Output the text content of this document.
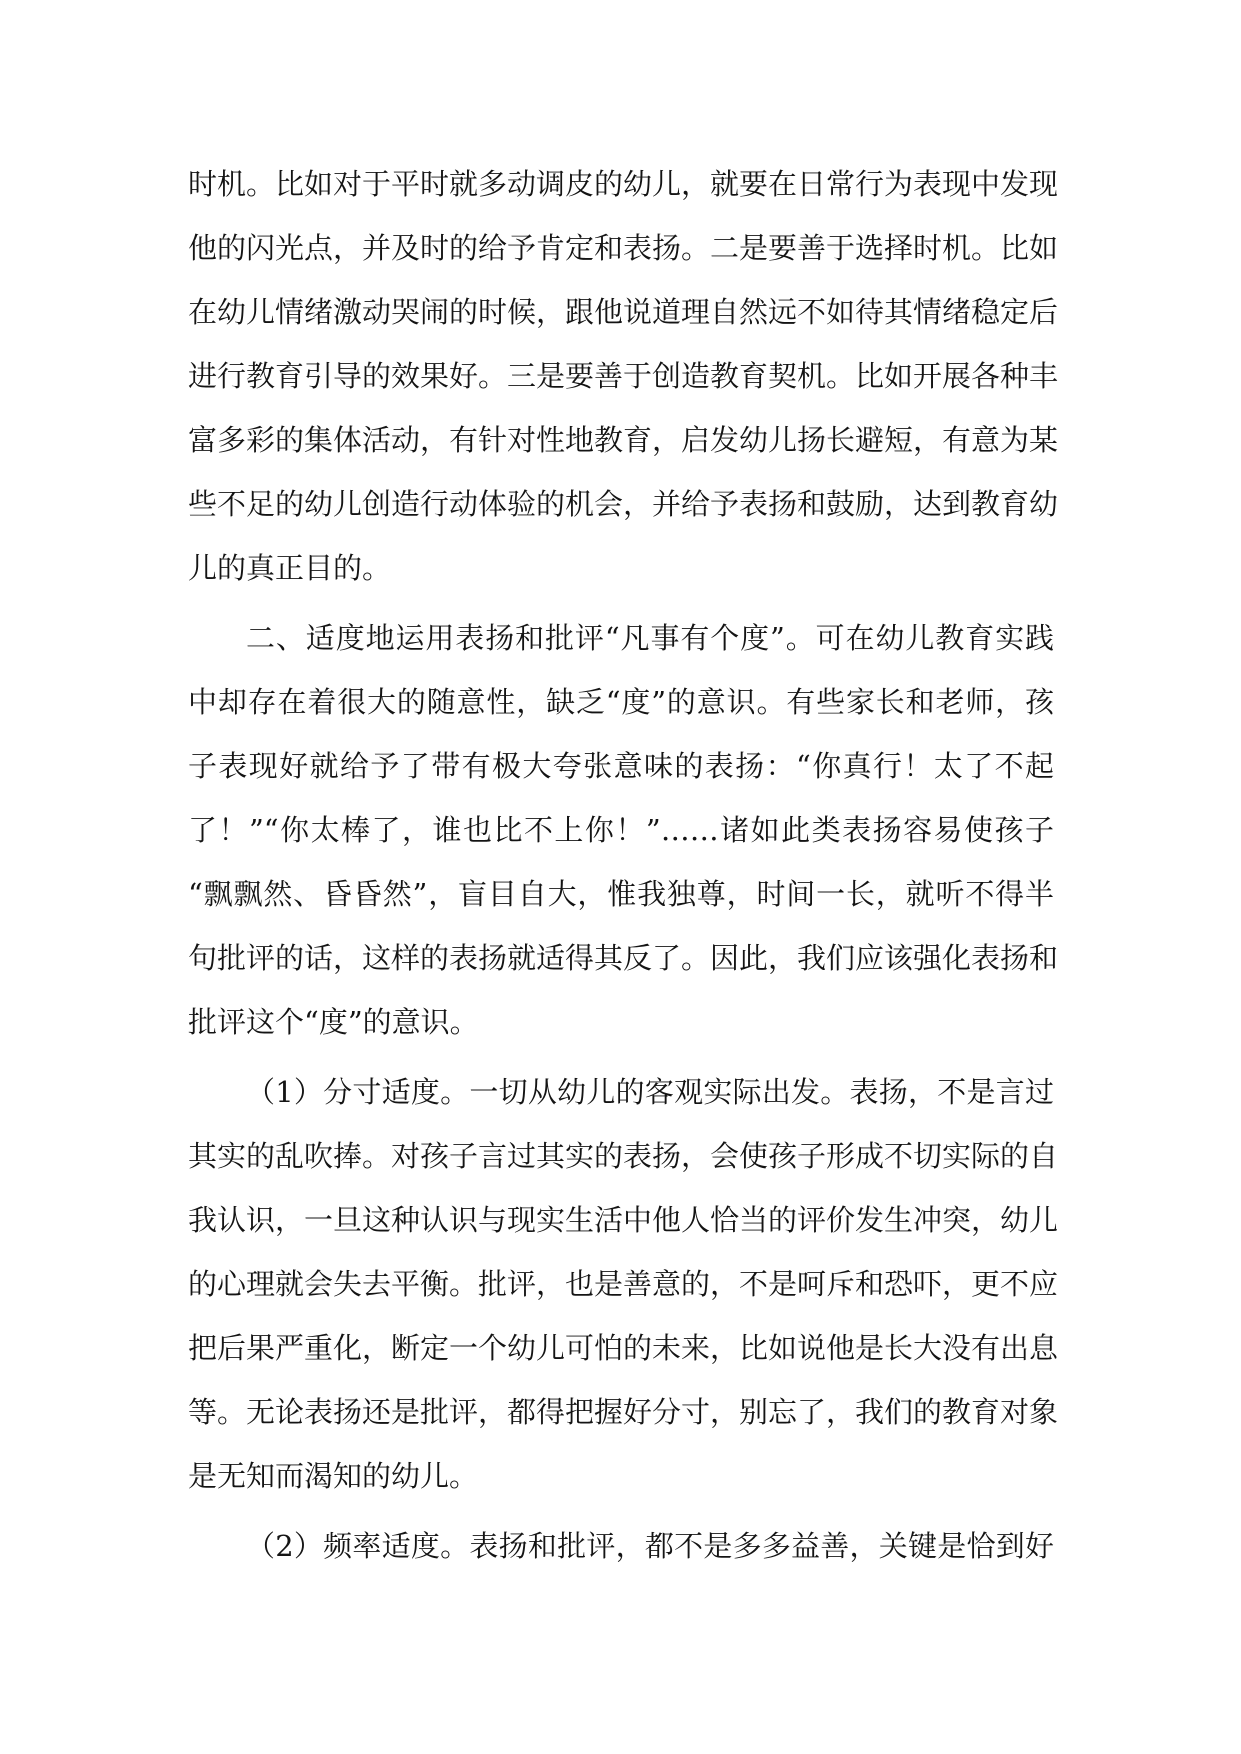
时机。比如对于平时就多动调皮的幼儿，就要在日常行为表现中发现
他的闪光点，并及时的给予肯定和表扬。二是要善于选择时机。比如
在幼儿情绪激动哭闹的时候，跟他说道理自然远不如待其情绪稳定后
进行教育引导的效果好。三是要善于创造教育契机。比如开展各种丰
富多彩的集体活动，有针对性地教育，启发幼儿扬长避短，有意为某
些不足的幼儿创造行动体验的机会，并给予表扬和鼓励，达到教育幼
儿的真正目的。
二、适度地运用表扬和批评“凡事有个度”。可在幼儿教育实践
中却存在着很大的随意性，缺乏“度”的意识。有些家长和老师，孩
子表现好就给予了带有极大夸张意味的表扬：“你真行！太了不起
了！”“你太棒了，谁也比不上你！”……诸如此类表扬容易使孩子
“飘飘然、昏昏然”，盲目自大，惟我独尊，时间一长，就听不得半
句批评的话，这样的表扬就适得其反了。因此，我们应该强化表扬和
批评这个“度”的意识。
（1）分寸适度。一切从幼儿的客观实际出发。表扬，不是言过
其实的乱吹捧。对孩子言过其实的表扬，会使孩子形成不切实际的自
我认识，一旦这种认识与现实生活中他人恰当的评价发生冲突，幼儿
的心理就会失去平衡。批评，也是善意的，不是呵斥和恐吓，更不应
把后果严重化，断定一个幼儿可怕的未来，比如说他是长大没有出息
等。无论表扬还是批评，都得把握好分寸，别忘了，我们的教育对象
是无知而渴知的幼儿。
（2）频率适度。表扬和批评，都不是多多益善，关键是恰到好
